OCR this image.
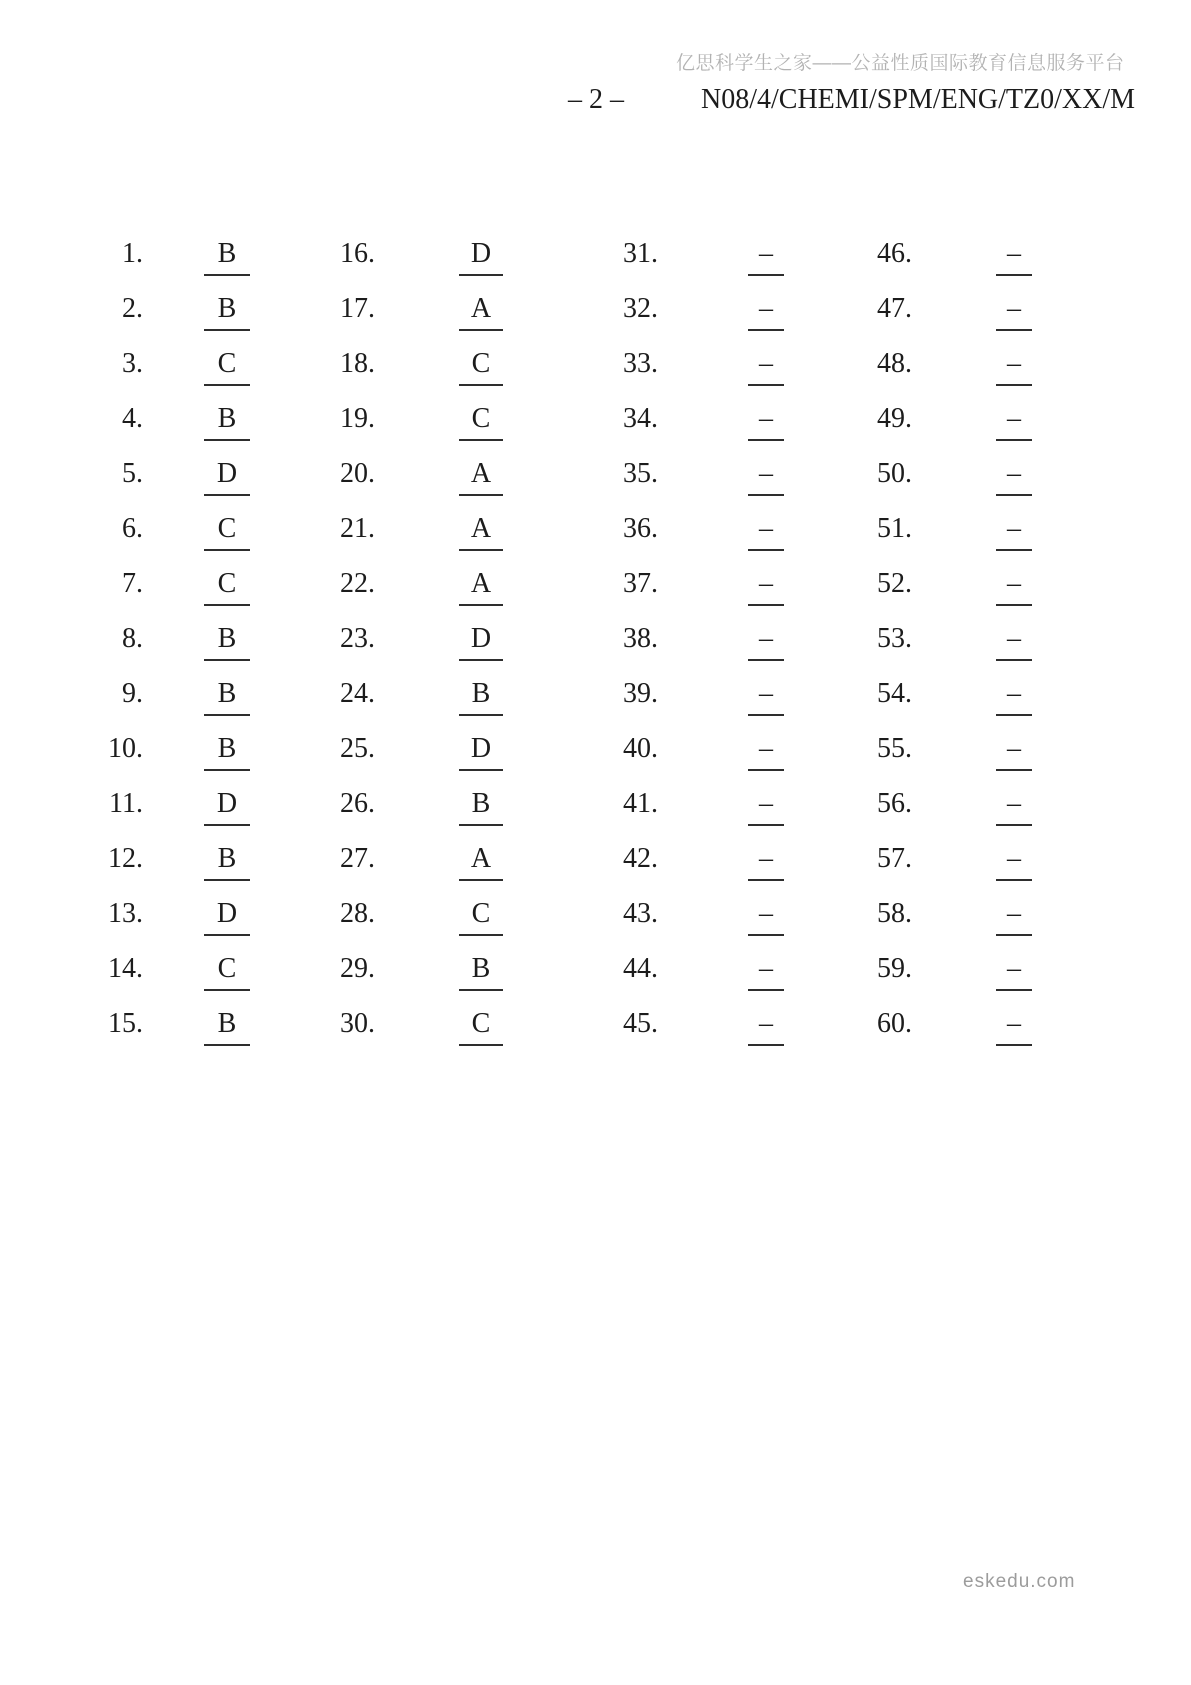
亿思科学生之家——公益性质国际教育信息服务平台
– 2 –	N08/4/CHEMI/SPM/ENG/TZ0/XX/M
1.	B	16.	D	31.	–	46.	–
2.	B	17.	A	32.	–	47.	–
3.	C	18.	C	33.	–	48.	–
4.	B	19.	C	34.	–	49.	–
5.	D	20.	A	35.	–	50.	–
6.	C	21.	A	36.	–	51.	–
7.	C	22.	A	37.	–	52.	–
8.	B	23.	D	38.	–	53.	–
9.	B	24.	B	39.	–	54.	–
10.	B	25.	D	40.	–	55.	–
11.	D	26.	B	41.	–	56.	–
12.	B	27.	A	42.	–	57.	–
13.	D	28.	C	43.	–	58.	–
14.	C	29.	B	44.	–	59.	–
15.	B	30.	C	45.	–	60.	–
eskedu.com
